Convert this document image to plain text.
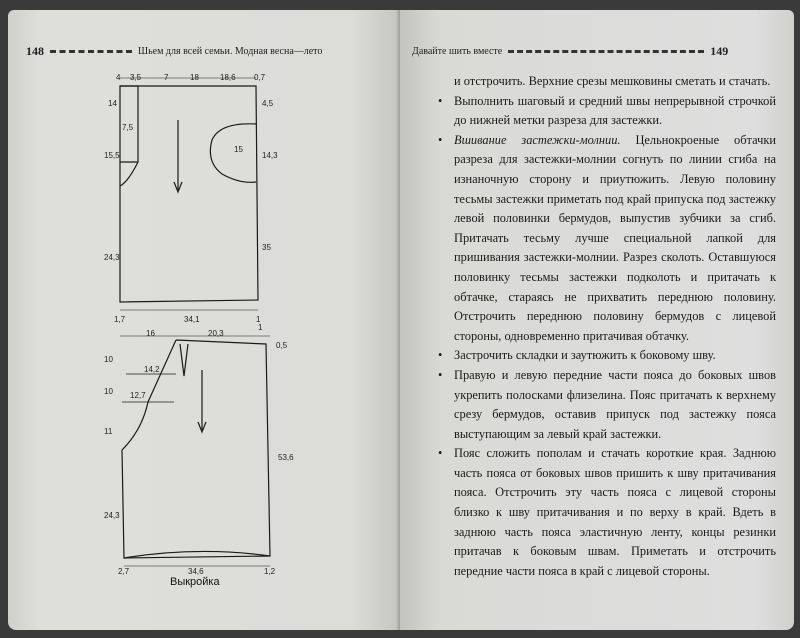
148	Шьем для всей семьи. Модная весна—лето
4 3,5	7	18	18,6 0,7
14	4,5
7,5
15
15,5	14,3
24,3
35
1,7	34,1	1
16	20,3
1
0,5
10
14,2
10 12,7
11
53,6
24,3
2,7	34,6	1,2
Выкройка
Давайте шить вместе	149

и отстрочить. Верхние срезы мешковины сметать и стачать.

• Выполнить шаговый и средний швы непрерывной строчкой до нижней метки разреза для застежки.

• Вшивание застежки-молнии. Цельнокроеные обтачки разреза для застежки-молнии согнуть по линии сгиба на изнаночную сторону и приутюжить. Левую половину тесьмы застежки приметать под край припуска под застежку левой половинки бермудов, выпустив зубчики за сгиб. Притачать тесьму лучше специальной лапкой для пришивания застежки-молнии. Разрез сколоть. Оставшуюся половинку тесьмы застежки подколоть и притачать к обтачке, стараясь не прихватить переднюю половину. Отстрочить переднюю половину бермудов с лицевой стороны, одновременно притачивая обтачку.

• Застрочить складки и заутюжить к боковому шву.

• Правую и левую передние части пояса до боковых швов укрепить полосками флизелина. Пояс притачать к верхнему срезу бермудов, оставив припуск под застежку пояса выступающим за левый край застежки.

• Пояс сложить пополам и стачать короткие края. Заднюю часть пояса от боковых швов пришить к шву притачивания пояса. Отстрочить эту часть пояса с лицевой стороны близко к шву притачивания и по верху в край. Вдеть в заднюю часть пояса эластичную ленту, концы резинки притачав к боковым швам. Приметать и отстрочить передние части пояса в край с лицевой стороны.
